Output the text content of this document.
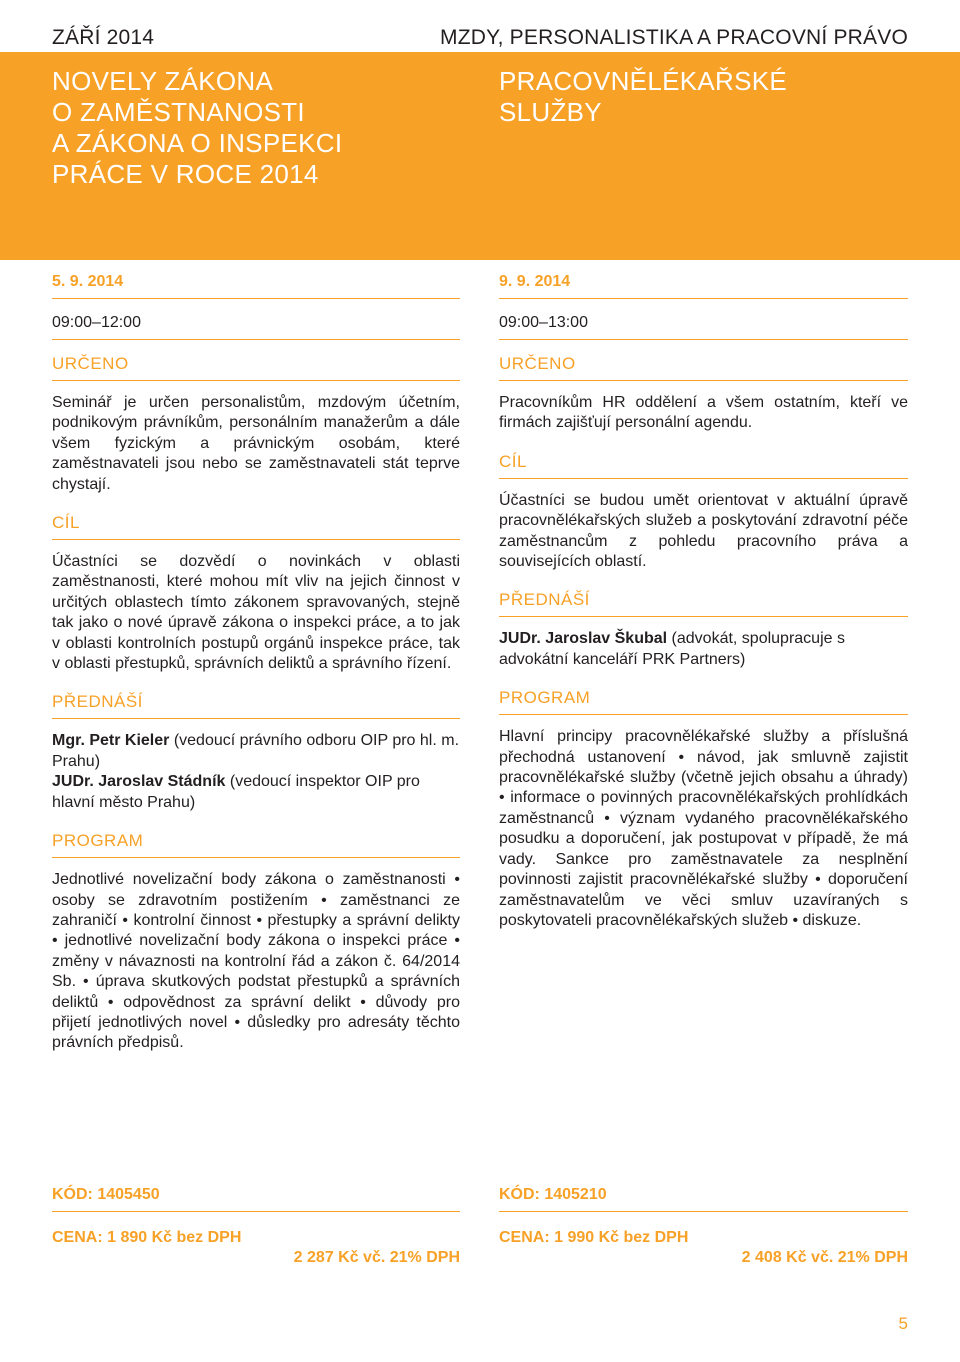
ZÁŘÍ 2014	MZDY, PERSONALISTIKA A PRACOVNÍ PRÁVO
NOVELY ZÁKONA
O ZAMĚSTNANOSTI
A ZÁKONA O INSPEKCI
PRÁCE V ROCE 2014
PRACOVNĚLÉKAŘSKÉ
SLUŽBY
5. 9. 2014
09:00–12:00
URČENO

Seminář je určen personalistům, mzdovým účetním, podnikovým právníkům, personálním manažerům a dále všem fyzickým a právnickým osobám, které zaměstnavateli jsou nebo se zaměstnavateli stát teprve chystají.

CÍL

Účastníci se dozvědí o novinkách v oblasti zaměstnanosti, které mohou mít vliv na jejich činnost v určitých oblastech tímto zákonem spravovaných, stejně tak jako o nové úpravě zákona o inspekci práce, a to jak v oblasti kontrolních postupů orgánů inspekce práce, tak v oblasti přestupků, správních deliktů a správního řízení.

PŘEDNÁŠÍ

Mgr. Petr Kieler (vedoucí právního odboru OIP pro hl. m. Prahu)

JUDr. Jaroslav Stádník (vedoucí inspektor OIP pro hlavní město Prahu)

PROGRAM

Jednotlivé novelizační body zákona o zaměstnanosti • osoby se zdravotním postižením • zaměstnanci ze zahraničí • kontrolní činnost • přestupky a správní delikty • jednotlivé novelizační body zákona o inspekci práce • změny v návaznosti na kontrolní řád a zákon č. 64/2014 Sb. • úprava skutkových podstat přestupků a správních deliktů • odpovědnost za správní delikt • důvody pro přijetí jednotlivých novel • důsledky pro adresáty těchto právních předpisů.

9. 9. 2014
09:00–13:00
URČENO

Pracovníkům HR oddělení a všem ostatním, kteří ve firmách zajišťují personální agendu.

CÍL

Účastníci se budou umět orientovat v aktuální úpravě pracovnělékařských služeb a poskytování zdravotní péče zaměstnancům z pohledu pracovního práva a souvisejících oblastí.

PŘEDNÁŠÍ

JUDr. Jaroslav Škubal (advokát, spolupracuje s advokátní kanceláří PRK Partners)

PROGRAM

Hlavní principy pracovnělékařské služby a příslušná přechodná ustanovení • návod, jak smluvně zajistit pracovnělékařské služby (včetně jejich obsahu a úhrady) • informace o povinných pracovnělékařských prohlídkách zaměstnanců • význam vydaného pracovnělékařského posudku a doporučení, jak postupovat v případě, že má vady. Sankce pro zaměstnavatele za nesplnění povinnosti zajistit pracovnělékařské služby • doporučení zaměstnavatelům ve věci smluv uzavíraných s poskytovateli pracovnělékařských služeb • diskuze.

KÓD: 1405450
CENA: 1 890 Kč bez DPH
2 287 Kč vč. 21% DPH
KÓD: 1405210
CENA: 1 990 Kč bez DPH
2 408 Kč vč. 21% DPH
5
